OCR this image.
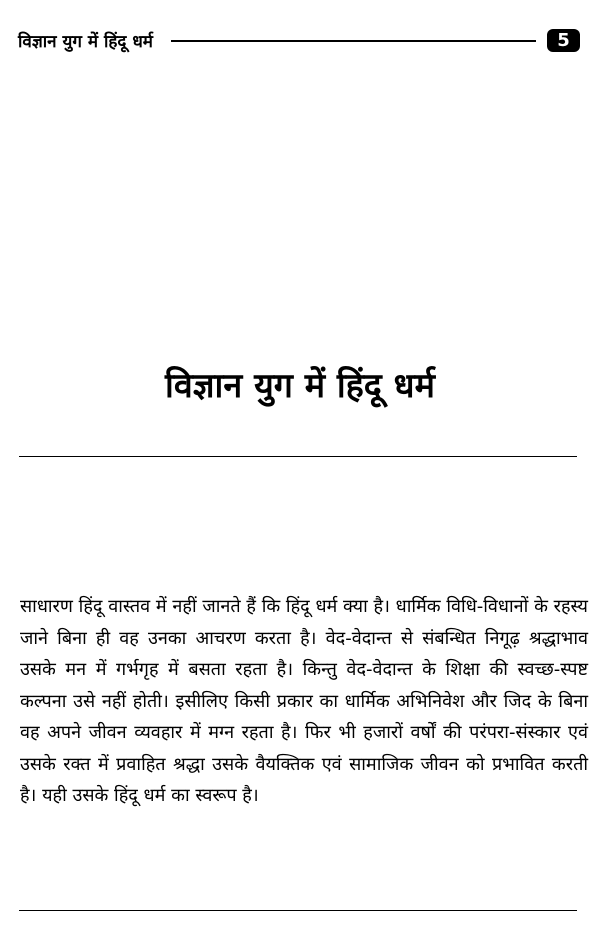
विज्ञान युग में हिंदू धर्म	5
विज्ञान युग में हिंदू धर्म

साधारण हिंदू वास्तव में नहीं जानते हैं कि हिंदू धर्म क्या है। धार्मिक विधि-विधानों के रहस्य जाने बिना ही वह उनका आचरण करता है। वेद-वेदान्त से संबन्धित निगूढ़ श्रद्धाभाव उसके मन में गर्भगृह में बसता रहता है। किन्तु वेद-वेदान्त के शिक्षा की स्वच्छ-स्पष्ट कल्पना उसे नहीं होती। इसीलिए किसी प्रकार का धार्मिक अभिनिवेश और जिद के बिना वह अपने जीवन व्यवहार में मग्न रहता है। फिर भी हजारों वर्षों की परंपरा-संस्कार एवं उसके रक्त में प्रवाहित श्रद्धा उसके वैयक्तिक एवं सामाजिक जीवन को प्रभावित करती है। यही उसके हिंदू धर्म का स्वरूप है।
